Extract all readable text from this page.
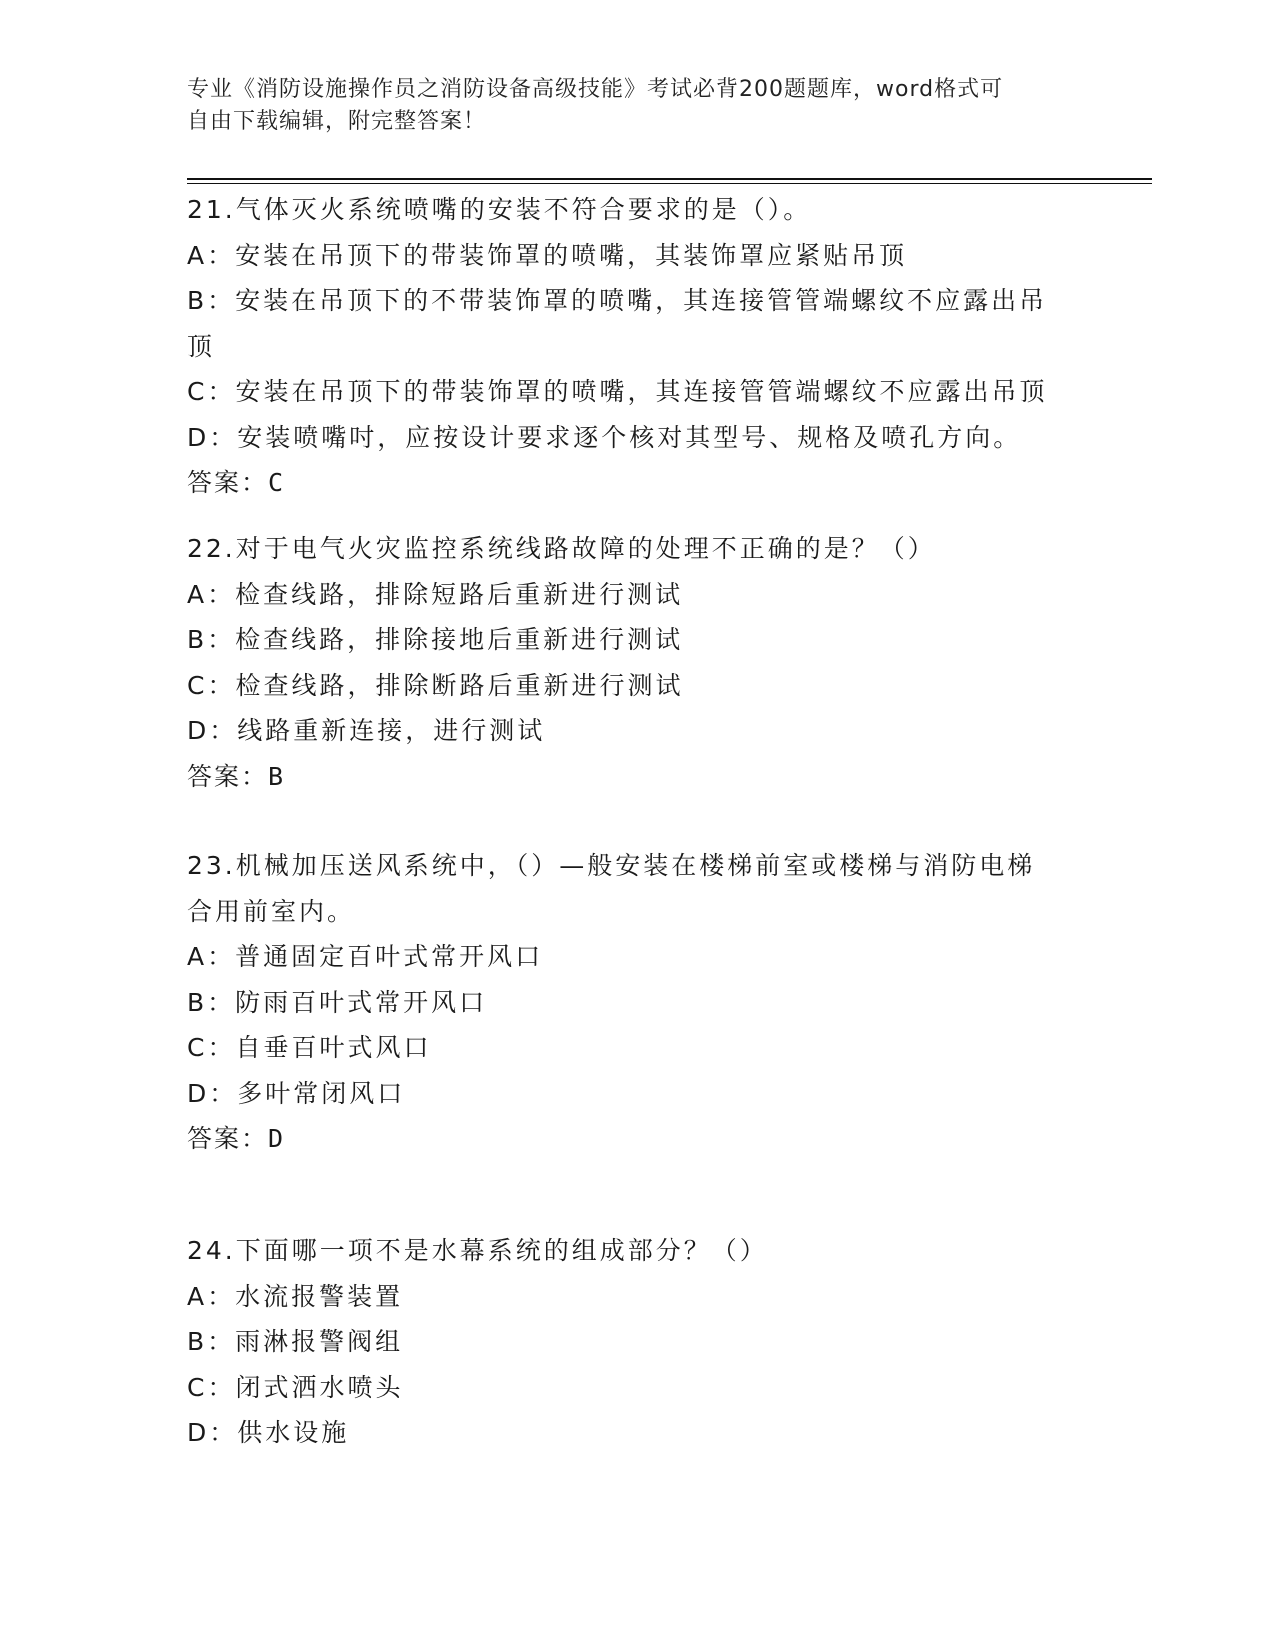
专业《消防设施操作员之消防设备高级技能》考试必背200题题库，word格式可
自由下载编辑，附完整答案！
21.气体灭火系统喷嘴的安装不符合要求的是（）。
A：安装在吊顶下的带装饰罩的喷嘴，其装饰罩应紧贴吊顶
B：安装在吊顶下的不带装饰罩的喷嘴，其连接管管端螺纹不应露出吊
顶
C：安装在吊顶下的带装饰罩的喷嘴，其连接管管端螺纹不应露出吊顶
D：安装喷嘴吋，应按设计要求逐个核对其型号、规格及喷孔方向。
答案：C
22.对于电气火灾监控系统线路故障的处理不正确的是？（）
A：检查线路，排除短路后重新进行测试
B：检查线路，排除接地后重新进行测试
C：检查线路，排除断路后重新进行测试
D：线路重新连接，进行测试
答案：B
23.机械加压送风系统中，（）—般安装在楼梯前室或楼梯与消防电梯
合用前室内。
A：普通固定百叶式常开风口
B：防雨百叶式常开风口
C：自垂百叶式风口
D：多叶常闭风口
答案：D
24.下面哪一项不是水幕系统的组成部分？（）
A：水流报警装置
B：雨淋报警阀组
C：闭式洒水喷头
D：供水设施
